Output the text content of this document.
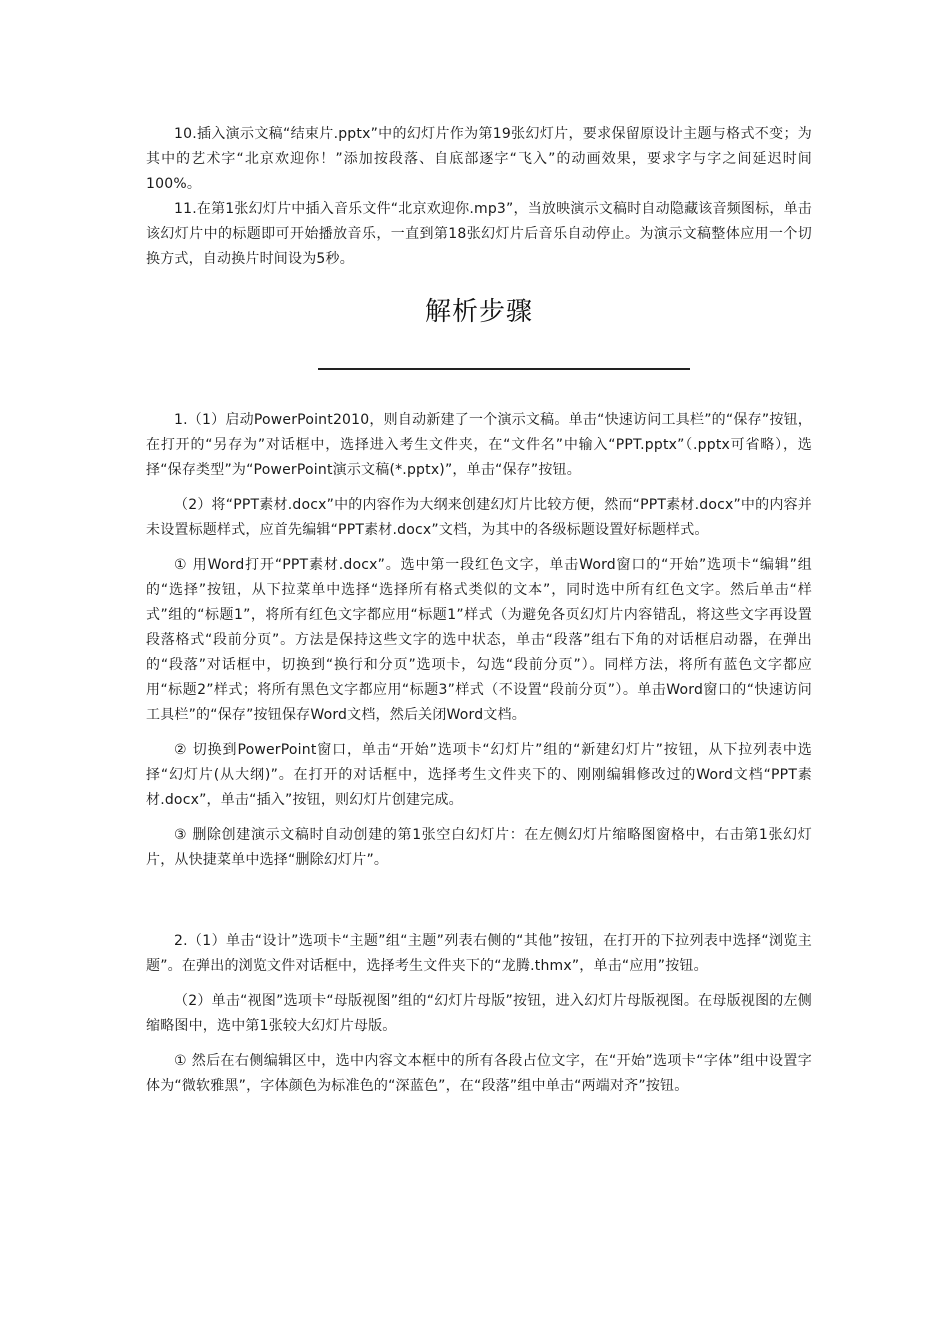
10.插入演示文稿“结束片.pptx”中的幻灯片作为第19张幻灯片，要求保留原设计主题与格式不变；为其中的艺术字“北京欢迎你！”添加按段落、自底部逐字“飞入”的动画效果，要求字与字之间延迟时间100%。

11.在第1张幻灯片中插入音乐文件“北京欢迎你.mp3”，当放映演示文稿时自动隐藏该音频图标，单击该幻灯片中的标题即可开始播放音乐，一直到第18张幻灯片后音乐自动停止。为演示文稿整体应用一个切换方式，自动换片时间设为5秒。

解析步骤

1.（1）启动PowerPoint2010，则自动新建了一个演示文稿。单击“快速访问工具栏”的“保存”按钮，在打开的“另存为”对话框中，选择进入考生文件夹，在“文件名”中输入“PPT.pptx”（.pptx可省略），选择“保存类型”为“PowerPoint演示文稿(*.pptx)”，单击“保存”按钮。

（2）将“PPT素材.docx”中的内容作为大纲来创建幻灯片比较方便，然而“PPT素材.docx”中的内容并未设置标题样式，应首先编辑“PPT素材.docx”文档，为其中的各级标题设置好标题样式。

① 用Word打开“PPT素材.docx”。选中第一段红色文字，单击Word窗口的“开始”选项卡“编辑”组的“选择”按钮，从下拉菜单中选择“选择所有格式类似的文本”，同时选中所有红色文字。然后单击“样式”组的“标题1”，将所有红色文字都应用“标题1”样式（为避免各页幻灯片内容错乱，将这些文字再设置段落格式“段前分页”。方法是保持这些文字的选中状态，单击“段落”组右下角的对话框启动器，在弹出的“段落”对话框中，切换到“换行和分页”选项卡，勾选“段前分页”）。同样方法，将所有蓝色文字都应用“标题2”样式；将所有黑色文字都应用“标题3”样式（不设置“段前分页”）。单击Word窗口的“快速访问工具栏”的“保存”按钮保存Word文档，然后关闭Word文档。

② 切换到PowerPoint窗口，单击“开始”选项卡“幻灯片”组的“新建幻灯片”按钮，从下拉列表中选择“幻灯片(从大纲)”。在打开的对话框中，选择考生文件夹下的、刚刚编辑修改过的Word文档“PPT素材.docx”，单击“插入”按钮，则幻灯片创建完成。

③ 删除创建演示文稿时自动创建的第1张空白幻灯片：在左侧幻灯片缩略图窗格中，右击第1张幻灯片，从快捷菜单中选择“删除幻灯片”。

2.（1）单击“设计”选项卡“主题”组“主题”列表右侧的“其他”按钮，在打开的下拉列表中选择“浏览主题”。在弹出的浏览文件对话框中，选择考生文件夹下的“龙腾.thmx”，单击“应用”按钮。

（2）单击“视图”选项卡“母版视图”组的“幻灯片母版”按钮，进入幻灯片母版视图。在母版视图的左侧缩略图中，选中第1张较大幻灯片母版。

① 然后在右侧编辑区中，选中内容文本框中的所有各段占位文字，在“开始”选项卡“字体”组中设置字体为“微软雅黑”，字体颜色为标准色的“深蓝色”，在“段落”组中单击“两端对齐”按钮。
